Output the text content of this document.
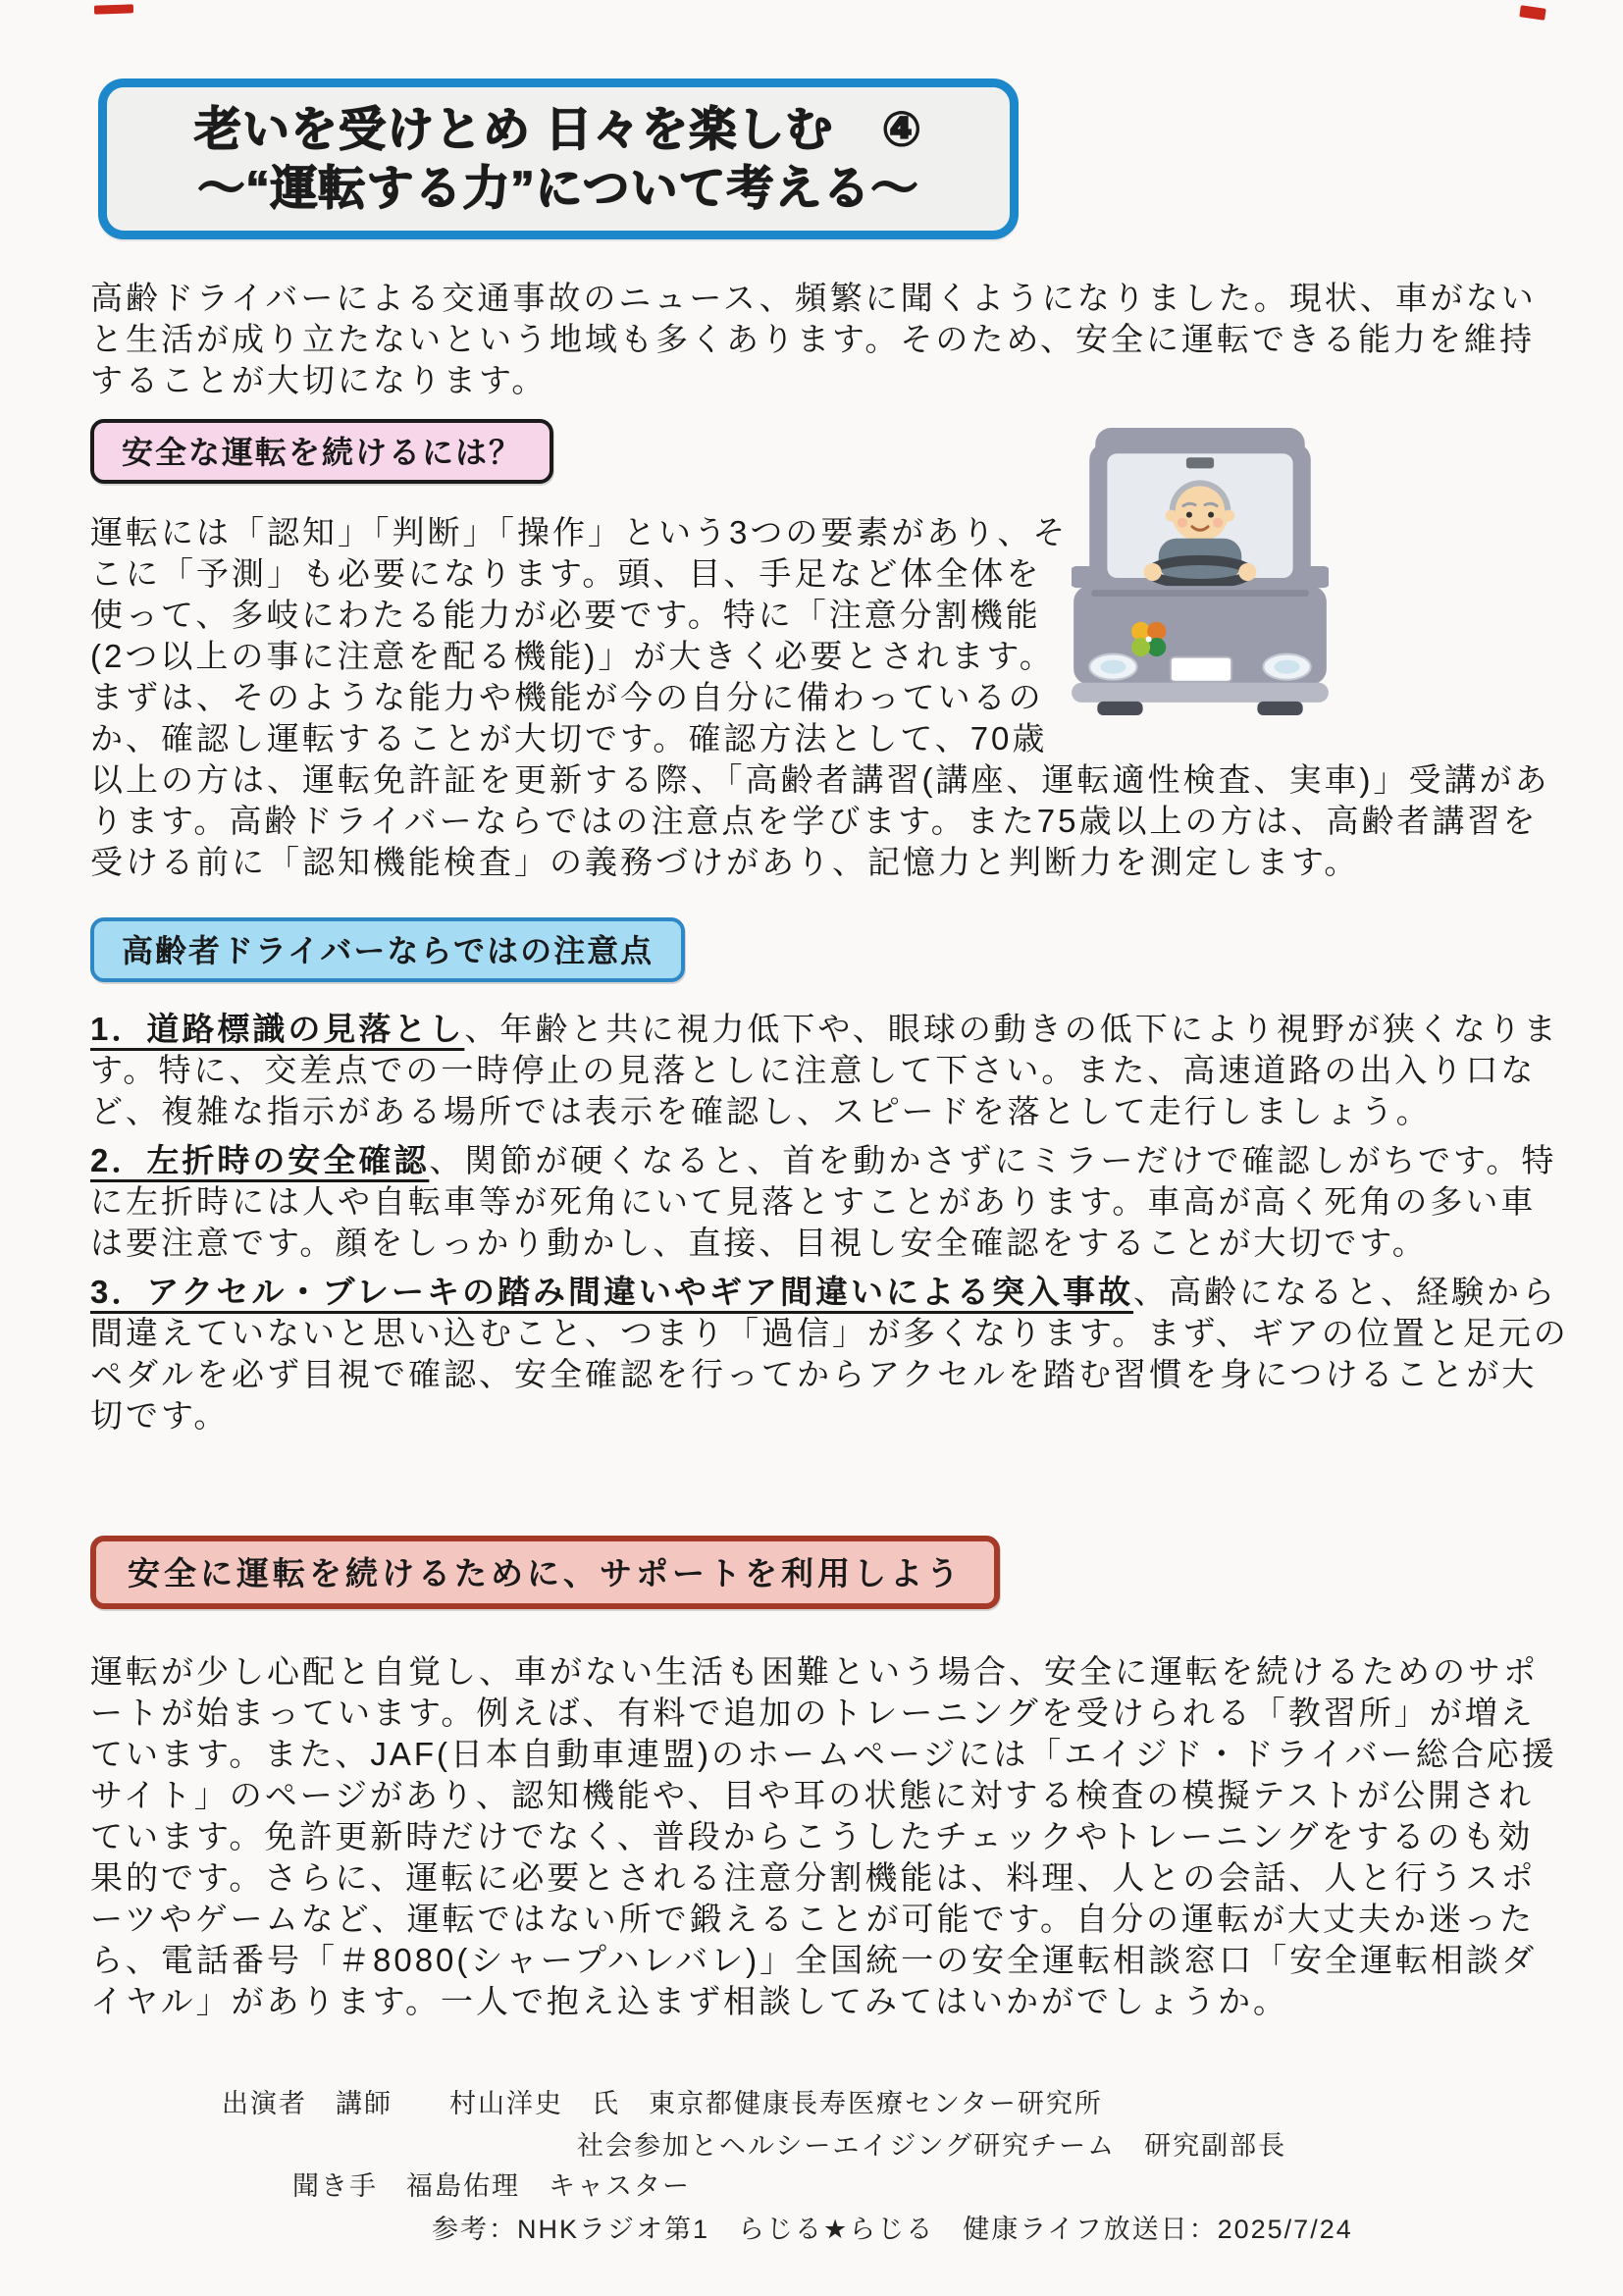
老いを受けとめ 日々を楽しむ　④
～“運転する力”について考える～
高齢ドライバーによる交通事故のニュース、頻繁に聞くようになりました。現状、車がないと生活が成り立たないという地域も多くあります。そのため、安全に運転できる能力を維持することが大切になります。
安全な運転を続けるには？
運転には「認知」「判断」「操作」という3つの要素があり、そこに「予測」も必要になります。頭、目、手足など体全体を使って、多岐にわたる能力が必要です。特に「注意分割機能(2つ以上の事に注意を配る機能)」が大きく必要とされます。まずは、そのような能力や機能が今の自分に備わっているのか、確認し運転することが大切です。確認方法として、70歳以上の方は、運転免許証を更新する際、「高齢者講習(講座、運転適性検査、実車)」受講があります。高齢ドライバーならではの注意点を学びます。また75歳以上の方は、高齢者講習を受ける前に「認知機能検査」の義務づけがあり、記憶力と判断力を測定します。
高齢者ドライバーならではの注意点
1．道路標識の見落とし、年齢と共に視力低下や、眼球の動きの低下により視野が狭くなります。特に、交差点での一時停止の見落としに注意して下さい。また、高速道路の出入り口など、複雑な指示がある場所では表示を確認し、スピードを落として走行しましょう。
2．左折時の安全確認、関節が硬くなると、首を動かさずにミラーだけで確認しがちです。特に左折時には人や自転車等が死角にいて見落とすことがあります。車高が高く死角の多い車は要注意です。顔をしっかり動かし、直接、目視し安全確認をすることが大切です。
3．アクセル・ブレーキの踏み間違いやギア間違いによる突入事故、高齢になると、経験から間違えていないと思い込むこと、つまり「過信」が多くなります。まず、ギアの位置と足元のペダルを必ず目視で確認、安全確認を行ってからアクセルを踏む習慣を身につけることが大切です。
安全に運転を続けるために、サポートを利用しよう
運転が少し心配と自覚し、車がない生活も困難という場合、安全に運転を続けるためのサポートが始まっています。例えば、有料で追加のトレーニングを受けられる「教習所」が増えています。また、JAF(日本自動車連盟)のホームページには「エイジド・ドライバー総合応援サイト」のページがあり、認知機能や、目や耳の状態に対する検査の模擬テストが公開されています。免許更新時だけでなく、普段からこうしたチェックやトレーニングをするのも効果的です。さらに、運転に必要とされる注意分割機能は、料理、人との会話、人と行うスポーツやゲームなど、運転ではない所で鍛えることが可能です。自分の運転が大丈夫か迷ったら、電話番号「＃8080(シャープハレバレ)」全国統一の安全運転相談窓口「安全運転相談ダイヤル」があります。一人で抱え込まず相談してみてはいかがでしょうか。
出演者　講師　　村山洋史　氏　東京都健康長寿医療センター研究所
社会参加とヘルシーエイジング研究チーム　研究副部長
聞き手　福島佑理　キャスター
参考：NHKラジオ第1　らじる★らじる　健康ライフ放送日：2025/7/24
